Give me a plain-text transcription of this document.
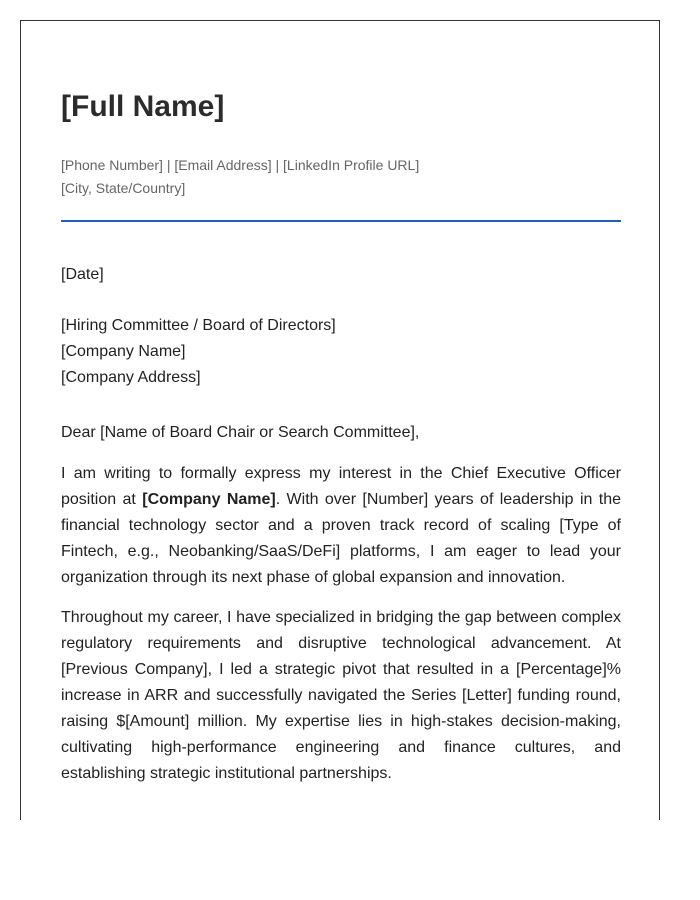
[Full Name]
[Phone Number] | [Email Address] | [LinkedIn Profile URL]
[City, State/Country]
[Date]
[Hiring Committee / Board of Directors]
[Company Name]
[Company Address]
Dear [Name of Board Chair or Search Committee],

I am writing to formally express my interest in the Chief Executive Officer position at [Company Name]. With over [Number] years of leadership in the financial technology sector and a proven track record of scaling [Type of Fintech, e.g., Neobanking/SaaS/DeFi] platforms, I am eager to lead your organization through its next phase of global expansion and innovation.

Throughout my career, I have specialized in bridging the gap between complex regulatory requirements and disruptive technological advancement. At [Previous Company], I led a strategic pivot that resulted in a [Percentage]% increase in ARR and successfully navigated the Series [Letter] funding round, raising $[Amount] million. My expertise lies in high-stakes decision-making, cultivating high-performance engineering and finance cultures, and establishing strategic institutional partnerships.
